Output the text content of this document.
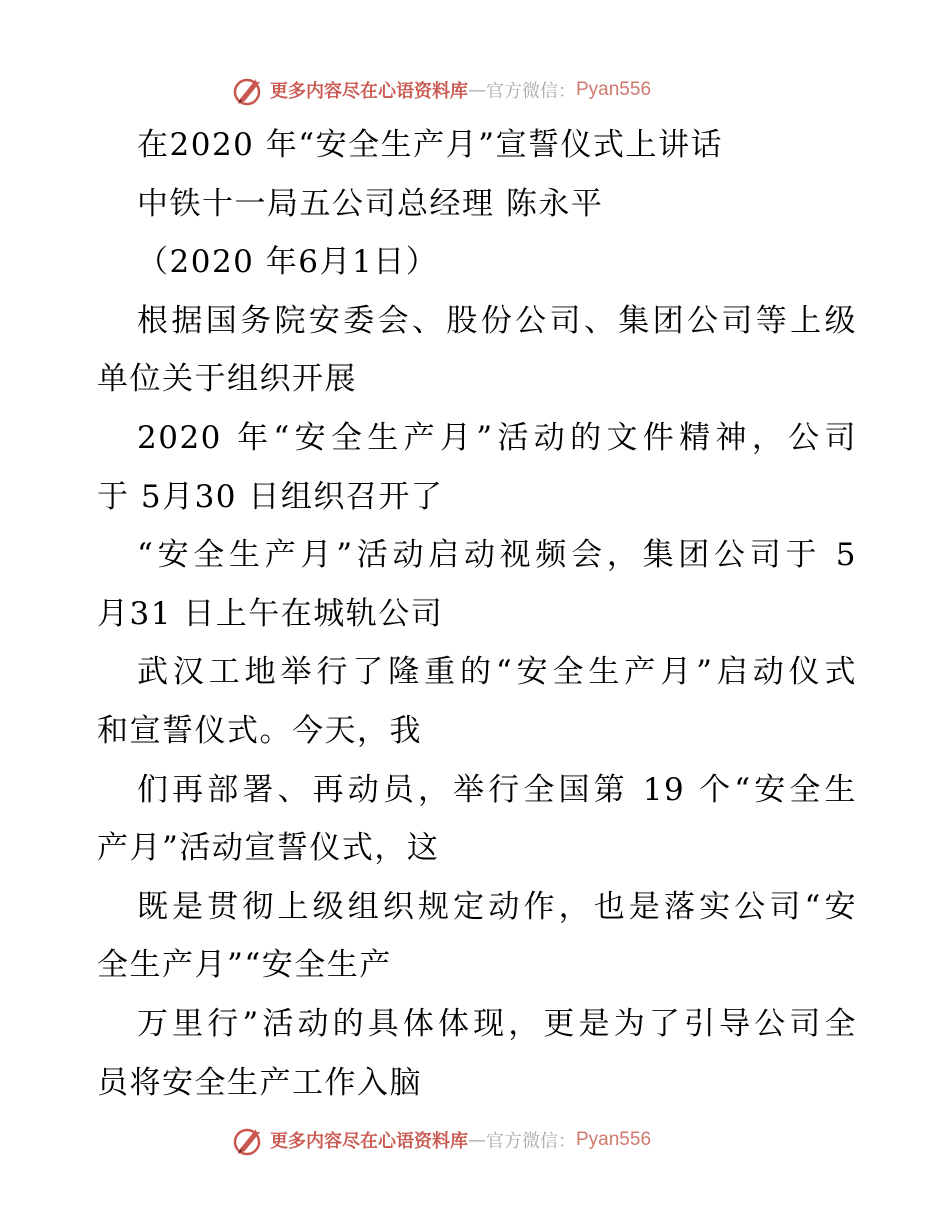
更多内容尽在心语资料库 — 官方微信： Pyan556
在2020 年“安全生产月”宣誓仪式上讲话
中铁十一局五公司总经理 陈永平
（2020 年6月1日）
根据国务院安委会、股份公司、集团公司等上级
单位关于组织开展
2020 年“安全生产月”活动的文件精神，公司
于 5月30 日组织召开了
“安全生产月”活动启动视频会，集团公司于 5
月31 日上午在城轨公司
武汉工地举行了隆重的“安全生产月”启动仪式
和宣誓仪式。今天，我
们再部署、再动员，举行全国第 19 个“安全生
产月”活动宣誓仪式，这
既是贯彻上级组织规定动作，也是落实公司“安
全生产月”“安全生产
万里行”活动的具体体现，更是为了引导公司全
员将安全生产工作入脑
更多内容尽在心语资料库 — 官方微信： Pyan556
